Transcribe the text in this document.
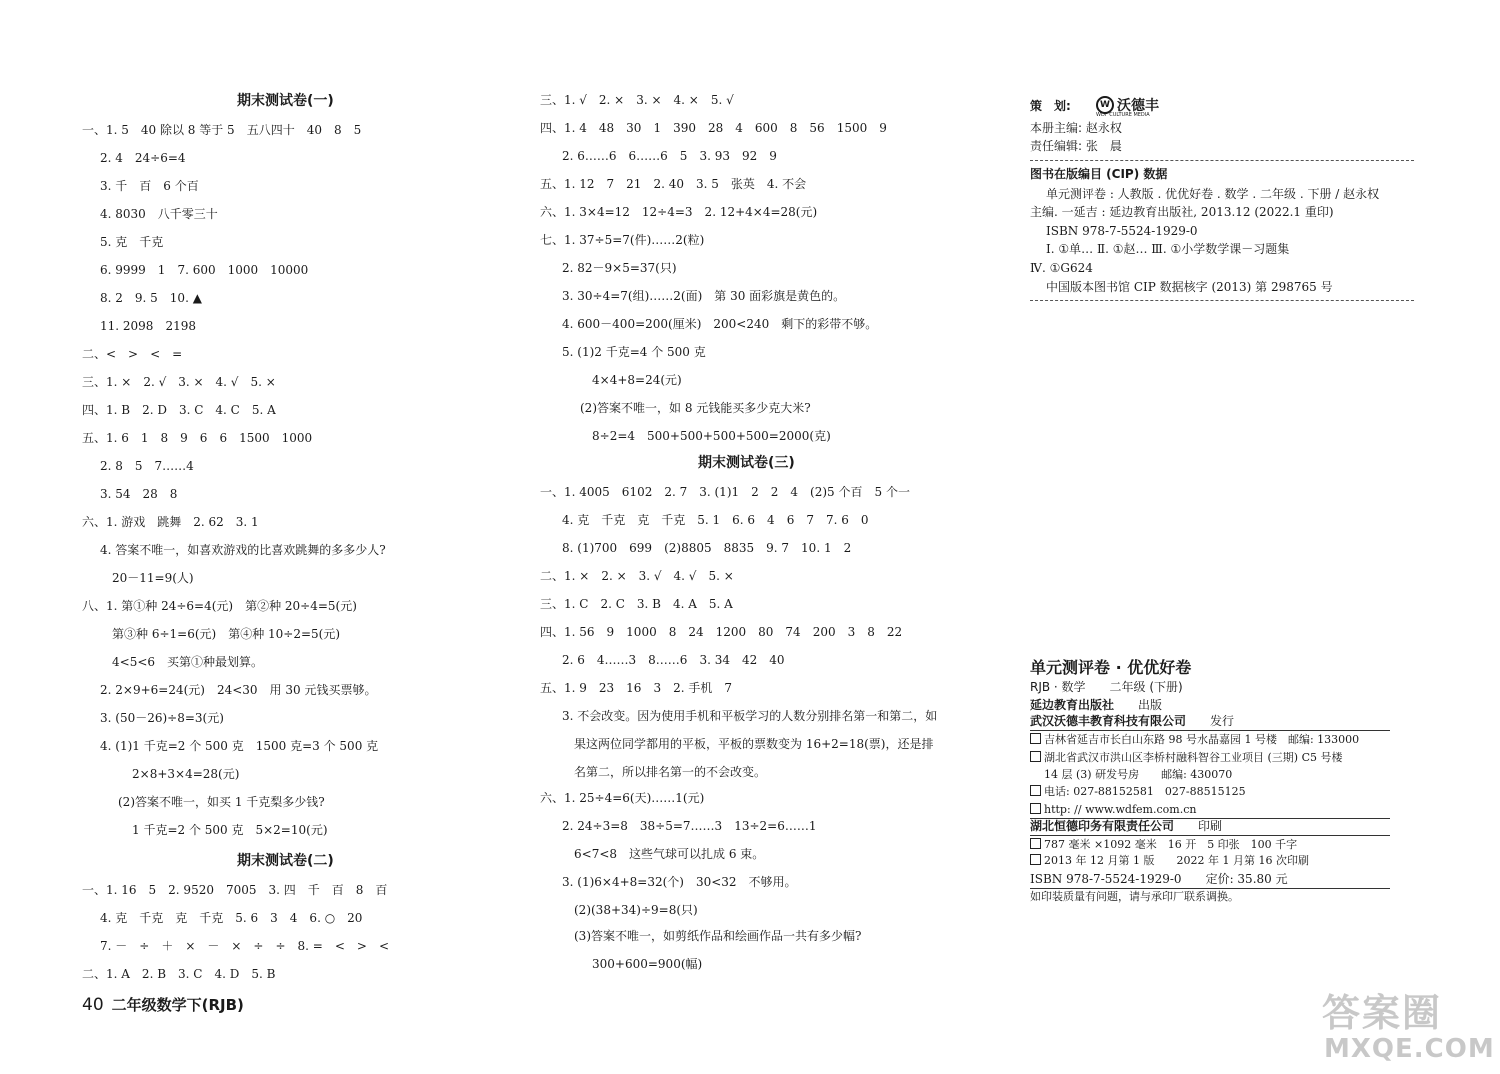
期末测试卷(一)
一、1. 5　40 除以 8 等于 5　五八四十　40　8　5
2. 4　24÷6=4
3. 千　百　6 个百
4. 8030　八千零三十
5. 克　千克
6. 9999　1　7. 600　1000　10000
8. 2　9. 5　10. ▲
11. 2098　2198
二、<　>　<　=
三、1. ×　2. √　3. ×　4. √　5. ×
四、1. B　2. D　3. C　4. C　5. A
五、1. 6　1　8　9　6　6　1500　1000
2. 8　5　7……4
3. 54　28　8
六、1. 游戏　跳舞　2. 62　3. 1
4. 答案不唯一，如喜欢游戏的比喜欢跳舞的多多少人?
20－11=9(人)
八、1. 第①种 24÷6=4(元)　第②种 20÷4=5(元)
第③种 6÷1=6(元)　第④种 10÷2=5(元)
4<5<6　买第①种最划算。
2. 2×9+6=24(元)　24<30　用 30 元钱买票够。
3. (50－26)÷8=3(元)
4. (1)1 千克=2 个 500 克　1500 克=3 个 500 克
2×8+3×4=28(元)
(2)答案不唯一，如买 1 千克梨多少钱?
1 千克=2 个 500 克　5×2=10(元)
期末测试卷(二)
一、1. 16　5　2. 9520　7005　3. 四　千　百　8　百
4. 克　千克　克　千克　5. 6　3　4　6. ○　20
7. －　÷　＋　×　－　×　÷　÷　8. =　<　>　<
二、1. A　2. B　3. C　4. D　5. B
40 二年级数学下(RJB)
三、1. √　2. ×　3. ×　4. ×　5. √
四、1. 4　48　30　1　390　28　4　600　8　56　1500　9
2. 6……6　6……6　5　3. 93　92　9
五、1. 12　7　21　2. 40　3. 5　张英　4. 不会
六、1. 3×4=12　12÷4=3　2. 12+4×4=28(元)
七、1. 37÷5=7(件)……2(粒)
2. 82－9×5=37(只)
3. 30÷4=7(组)……2(面)　第 30 面彩旗是黄色的。
4. 600－400=200(厘米)　200<240　剩下的彩带不够。
5. (1)2 千克=4 个 500 克
4×4+8=24(元)
(2)答案不唯一，如 8 元钱能买多少克大米?
8÷2=4　500+500+500+500=2000(克)
期末测试卷(三)
一、1. 4005　6102　2. 7　3. (1)1　2　2　4　(2)5 个百　5 个一
4. 克　千克　克　千克　5. 1　6. 6　4　6　7　7. 6　0
8. (1)700　699　(2)8805　8835　9. 7　10. 1　2
二、1. ×　2. ×　3. √　4. √　5. ×
三、1. C　2. C　3. B　4. A　5. A
四、1. 56　9　1000　8　24　1200　80　74　200　3　8　22
2. 6　4……3　8……6　3. 34　42　40
五、1. 9　23　16　3　2. 手机　7
3. 不会改变。因为使用手机和平板学习的人数分别排名第一和第二，如
果这两位同学都用的平板，平板的票数变为 16+2=18(票)，还是排
名第二，所以排名第一的不会改变。
六、1. 25÷4=6(天)……1(元)
2. 24÷3=8　38÷5=7……3　13÷2=6……1
6<7<8　这些气球可以扎成 6 束。
3. (1)6×4+8=32(个)　30<32　不够用。
(2)(38+34)÷9=8(只)
(3)答案不唯一，如剪纸作品和绘画作品一共有多少幅?
300+600=900(幅)
策　划:	W 沃德丰
WDF CULTURE MEDIA
本册主编: 赵永权
责任编辑: 张　晨
图书在版编目 (CIP) 数据
单元测评卷 : 人教版 . 优优好卷 . 数学 . 二年级 . 下册 / 赵永权
主编. 一延吉 : 延边教育出版社, 2013.12 (2022.1 重印)
ISBN 978-7-5524-1929-0
Ⅰ. ①单… Ⅱ. ①赵… Ⅲ. ①小学数学课－习题集
Ⅳ. ①G624
中国版本图书馆 CIP 数据核字 (2013) 第 298765 号
单元测评卷 · 优优好卷
RJB · 数学　　二年级 (下册)
延边教育出版社　　 出版
武汉沃德丰教育科技有限公司　　 发行
吉林省延吉市长白山东路 98 号水晶嘉园 1 号楼　邮编: 133000
湖北省武汉市洪山区李桥村融科智谷工业项目 (三期) C5 号楼
14 层 (3) 研发号房　　邮编: 430070
电话: 027-88152581　027-88515125
http: // www.wdfem.com.cn
湖北恒德印务有限责任公司　　 印刷
787 毫米 ×1092 毫米　16 开　5 印张　100 千字
2013 年 12 月第 1 版　　2022 年 1 月第 16 次印刷
ISBN 978-7-5524-1929-0　　定价: 35.80 元
如印装质量有问题，请与承印厂联系调换。
答案圈
MXQE.COM
